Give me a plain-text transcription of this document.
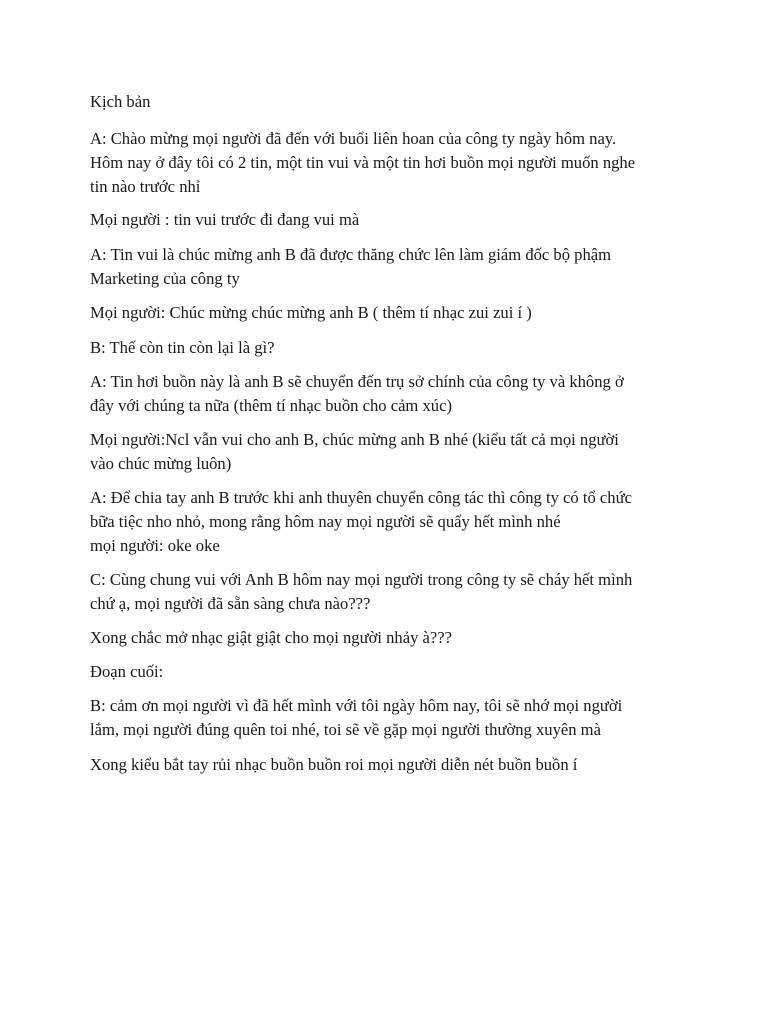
Kịch bản

A: Chào mừng mọi người đã đến với buổi liên hoan của công ty ngày hôm nay.
Hôm nay ở đây tôi có 2 tin, một tin vui và một tin hơi buồn mọi người muốn nghe
tin nào trước nhỉ

Mọi người : tin vui trước đi đang vui mà

A: Tin vui là chúc mừng anh B đã được thăng chức lên làm giám đốc bộ phậm
Marketing của công ty

Mọi người: Chúc mừng chúc mừng anh B ( thêm tí nhạc zui zui í )

B: Thế còn tin còn lại là gì?

A: Tin hơi buồn này là anh B sẽ chuyển đến trụ sở chính của công ty và không ở
đây với chúng ta nữa (thêm tí nhạc buồn cho cảm xúc)

Mọi người:Ncl vẫn vui cho anh B, chúc mừng anh B nhé (kiểu tất cả mọi người
vào chúc mừng luôn)

A: Để chia tay anh B trước khi anh thuyên chuyển công tác thì công ty có tổ chức
bữa tiệc nho nhỏ, mong rằng hôm nay mọi người sẽ quẩy hết mình nhé
mọi người: oke oke

C: Cùng chung vui với Anh B hôm nay mọi người trong công ty sẽ cháy hết mình
chứ ạ, mọi người đã sẵn sàng chưa nào???

Xong chắc mở nhạc giật giật cho mọi người nhảy à???

Đoạn cuối:

B: cảm ơn mọi người vì đã hết mình với tôi ngày hôm nay, tôi sẽ nhớ mọi người
lắm, mọi người đúng quên toi nhé, toi sẽ về gặp mọi người thường xuyên mà

Xong kiểu bắt tay rủi nhạc buồn buồn roi mọi người diễn nét buồn buồn í
